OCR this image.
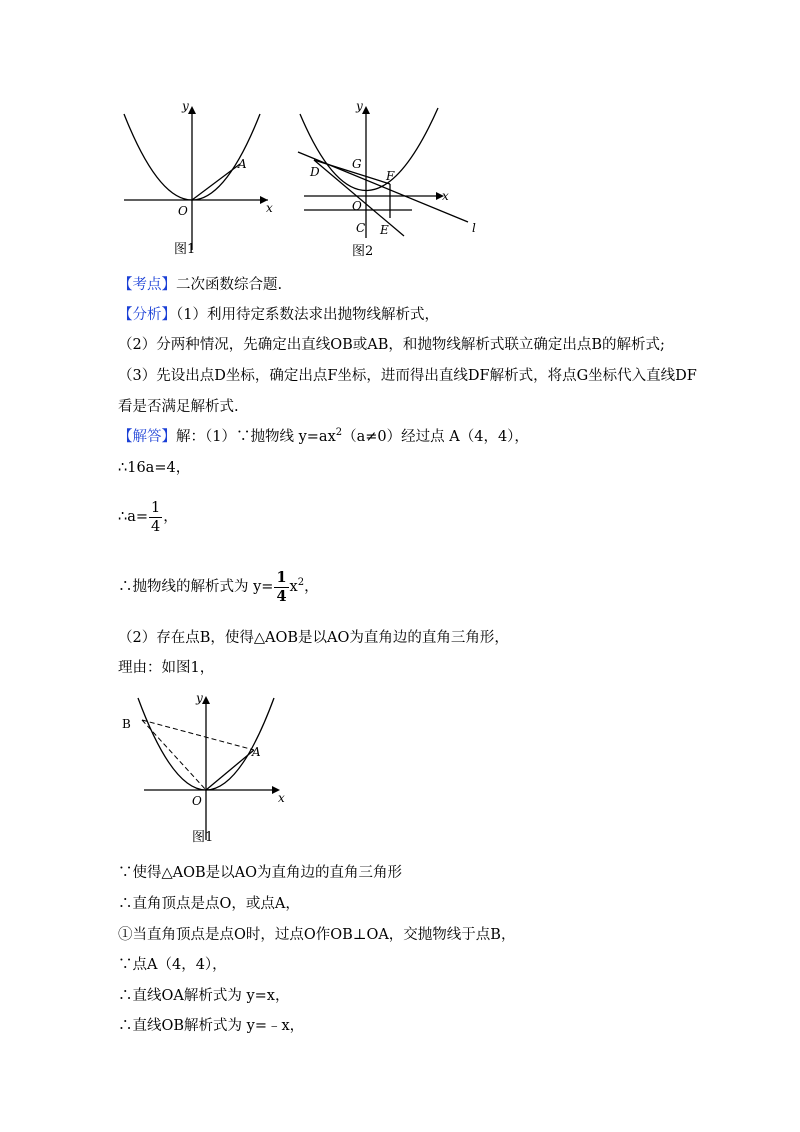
y
x
O
A
图1
y
x
O
G
D	F
C E	l
图2
【考点】二次函数综合题.
【分析】（1）利用待定系数法求出抛物线解析式，
（2）分两种情况，先确定出直线OB或AB，和抛物线解析式联立确定出点B的解析式;
（3）先设出点D坐标，确定出点F坐标，进而得出直线DF解析式，将点G坐标代入直线DF
看是否满足解析式.
【解答】解：（1）∵抛物线 $y=ax^2(a\ne 0)$经过点 A（4，4），
∴16a=4，
∴a= $\frac{1}{4}$ ，
∴抛物线的解析式为 $y= \frac{1}{4} x^2$，
（2）存在点B，使得△AOB是以AO为直角边的直角三角形，
理由：如图1，
y
x
O
A
B
图1
∵使得△AOB是以AO为直角边的直角三角形
∴直角顶点是点O，或点A，
①当直角顶点是点O时，过点O作OB⊥OA，交抛物线于点B，
∵点A（4，4），
∴直线OA解析式为 y=x，
∴直线OB解析式为 y=﹣x，
